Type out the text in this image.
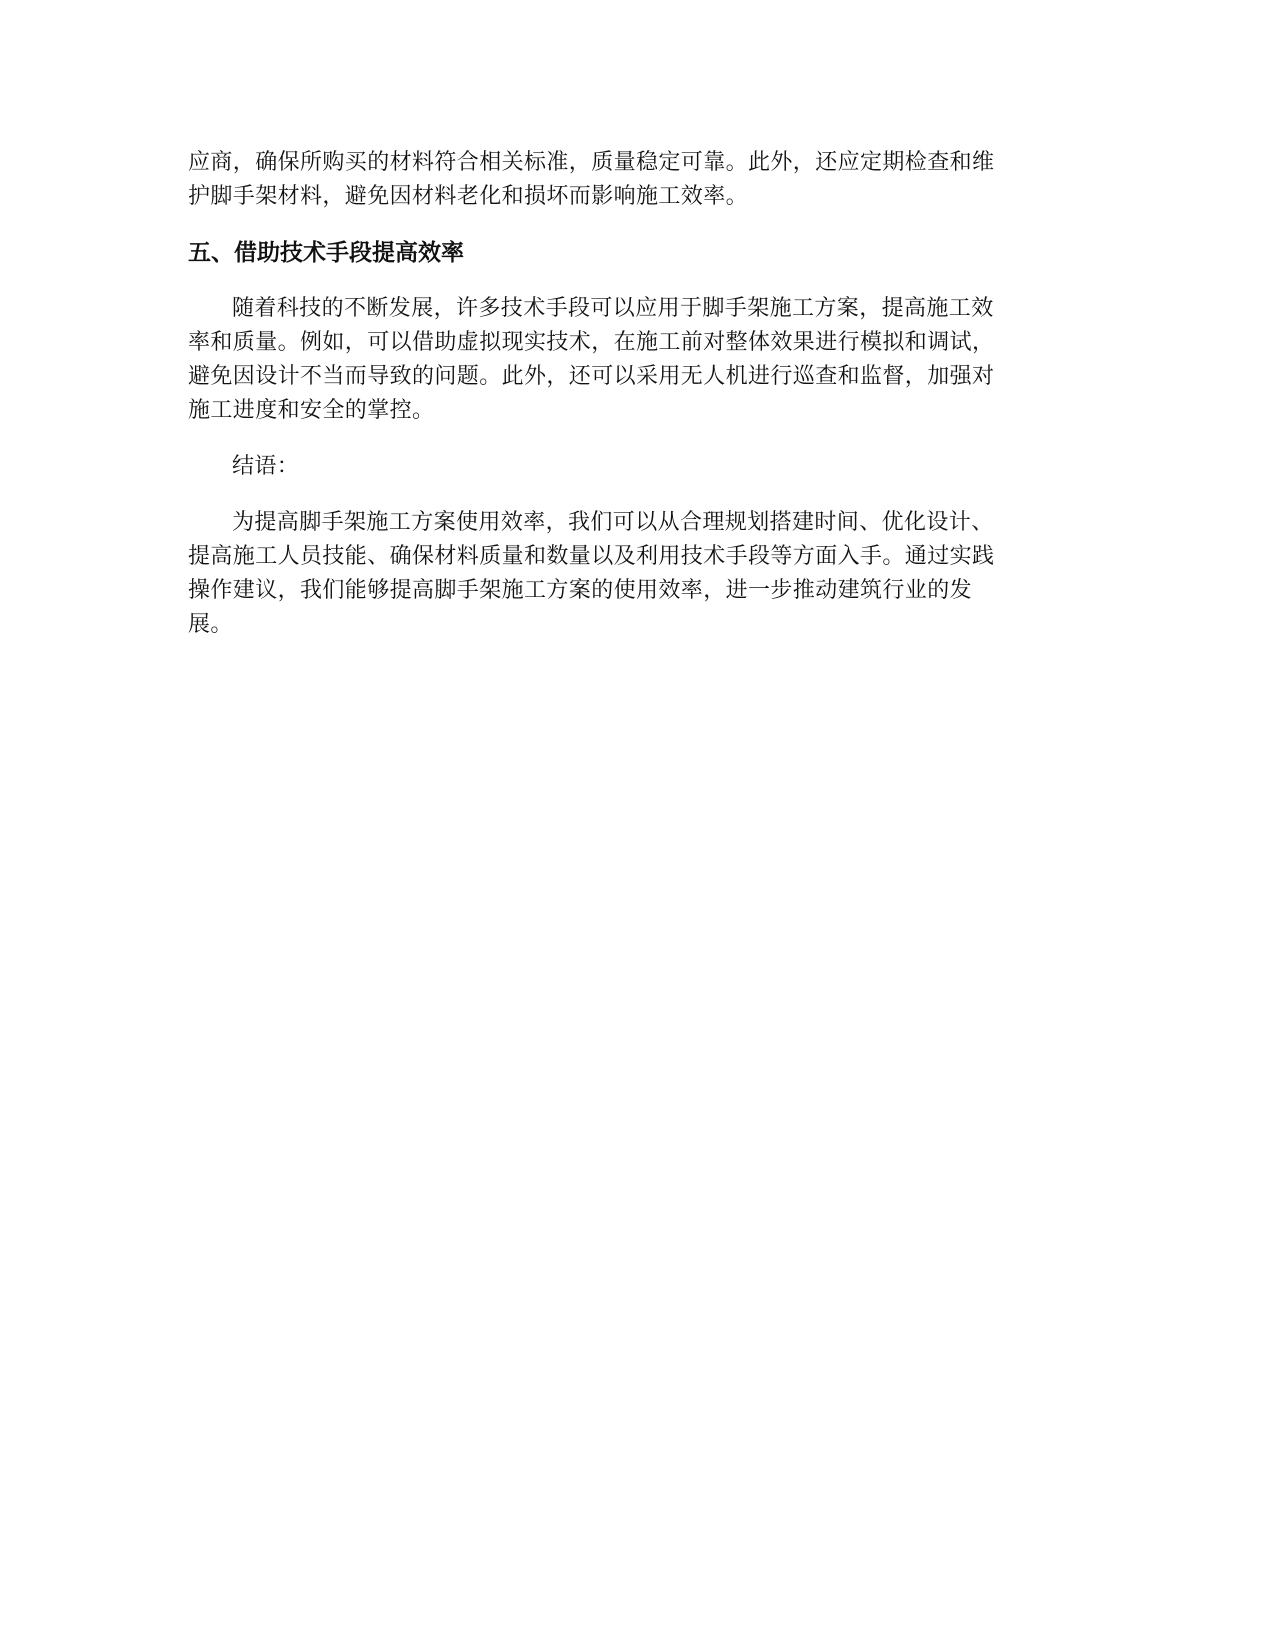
应商，确保所购买的材料符合相关标准，质量稳定可靠。此外，还应定期检查和维
护脚手架材料，避免因材料老化和损坏而影响施工效率。
五、借助技术手段提高效率
随着科技的不断发展，许多技术手段可以应用于脚手架施工方案，提高施工效
率和质量。例如，可以借助虚拟现实技术，在施工前对整体效果进行模拟和调试，
避免因设计不当而导致的问题。此外，还可以采用无人机进行巡查和监督，加强对
施工进度和安全的掌控。
结语：
为提高脚手架施工方案使用效率，我们可以从合理规划搭建时间、优化设计、
提高施工人员技能、确保材料质量和数量以及利用技术手段等方面入手。通过实践
操作建议，我们能够提高脚手架施工方案的使用效率，进一步推动建筑行业的发
展。
